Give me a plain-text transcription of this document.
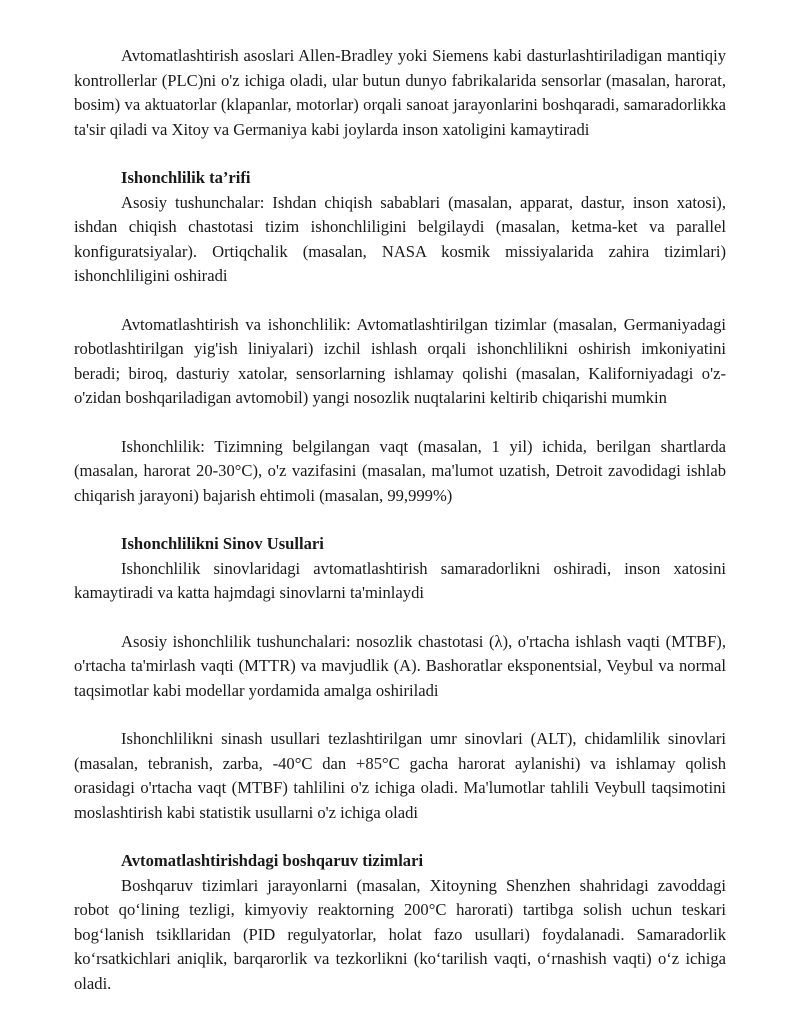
Avtomatlashtirish asoslari Allen-Bradley yoki Siemens kabi dasturlashtiriladigan mantiqiy kontrollerlar (PLC)ni o'z ichiga oladi, ular butun dunyo fabrikalarida sensorlar (masalan, harorat, bosim) va aktuatorlar (klapanlar, motorlar) orqali sanoat jarayonlarini boshqaradi, samaradorlikka ta'sir qiladi va Xitoy va Germaniya kabi joylarda inson xatoligini kamaytiradi

Ishonchlilik ta’rifi

Asosiy tushunchalar: Ishdan chiqish sabablari (masalan, apparat, dastur, inson xatosi), ishdan chiqish chastotasi tizim ishonchliligini belgilaydi (masalan, ketma-ket va parallel konfiguratsiyalar). Ortiqchalik (masalan, NASA kosmik missiyalarida zahira tizimlari) ishonchliligini oshiradi

Avtomatlashtirish va ishonchlilik: Avtomatlashtirilgan tizimlar (masalan, Germaniyadagi robotlashtirilgan yig'ish liniyalari) izchil ishlash orqali ishonchlilikni oshirish imkoniyatini beradi; biroq, dasturiy xatolar, sensorlarning ishlamay qolishi (masalan, Kaliforniyadagi o'z-o'zidan boshqariladigan avtomobil) yangi nosozlik nuqtalarini keltirib chiqarishi mumkin

Ishonchlilik: Tizimning belgilangan vaqt (masalan, 1 yil) ichida, berilgan shartlarda (masalan, harorat 20-30°C), o'z vazifasini (masalan, ma'lumot uzatish, Detroit zavodidagi ishlab chiqarish jarayoni) bajarish ehtimoli (masalan, 99,999%)

Ishonchlilikni Sinov Usullari

Ishonchlilik sinovlaridagi avtomatlashtirish samaradorlikni oshiradi, inson xatosini kamaytiradi va katta hajmdagi sinovlarni ta'minlaydi

Asosiy ishonchlilik tushunchalari: nosozlik chastotasi (λ), o'rtacha ishlash vaqti (MTBF), o'rtacha ta'mirlash vaqti (MTTR) va mavjudlik (A). Bashoratlar eksponentsial, Veybul va normal taqsimotlar kabi modellar yordamida amalga oshiriladi

Ishonchlilikni sinash usullari tezlashtirilgan umr sinovlari (ALT), chidamlilik sinovlari (masalan, tebranish, zarba, -40°C dan +85°C gacha harorat aylanishi) va ishlamay qolish orasidagi o'rtacha vaqt (MTBF) tahlilini o'z ichiga oladi. Ma'lumotlar tahlili Veybull taqsimotini moslashtirish kabi statistik usullarni o'z ichiga oladi

Avtomatlashtirishdagi boshqaruv tizimlari

Boshqaruv tizimlari jarayonlarni (masalan, Xitoyning Shenzhen shahridagi zavoddagi robot qo‘lining tezligi, kimyoviy reaktorning 200°C harorati) tartibga solish uchun teskari bog‘lanish tsikllaridan (PID regulyatorlar, holat fazo usullari) foydalanadi. Samaradorlik ko‘rsatkichlari aniqlik, barqarorlik va tezkorlikni (ko‘tarilish vaqti, o‘rnashish vaqti) o‘z ichiga oladi.
